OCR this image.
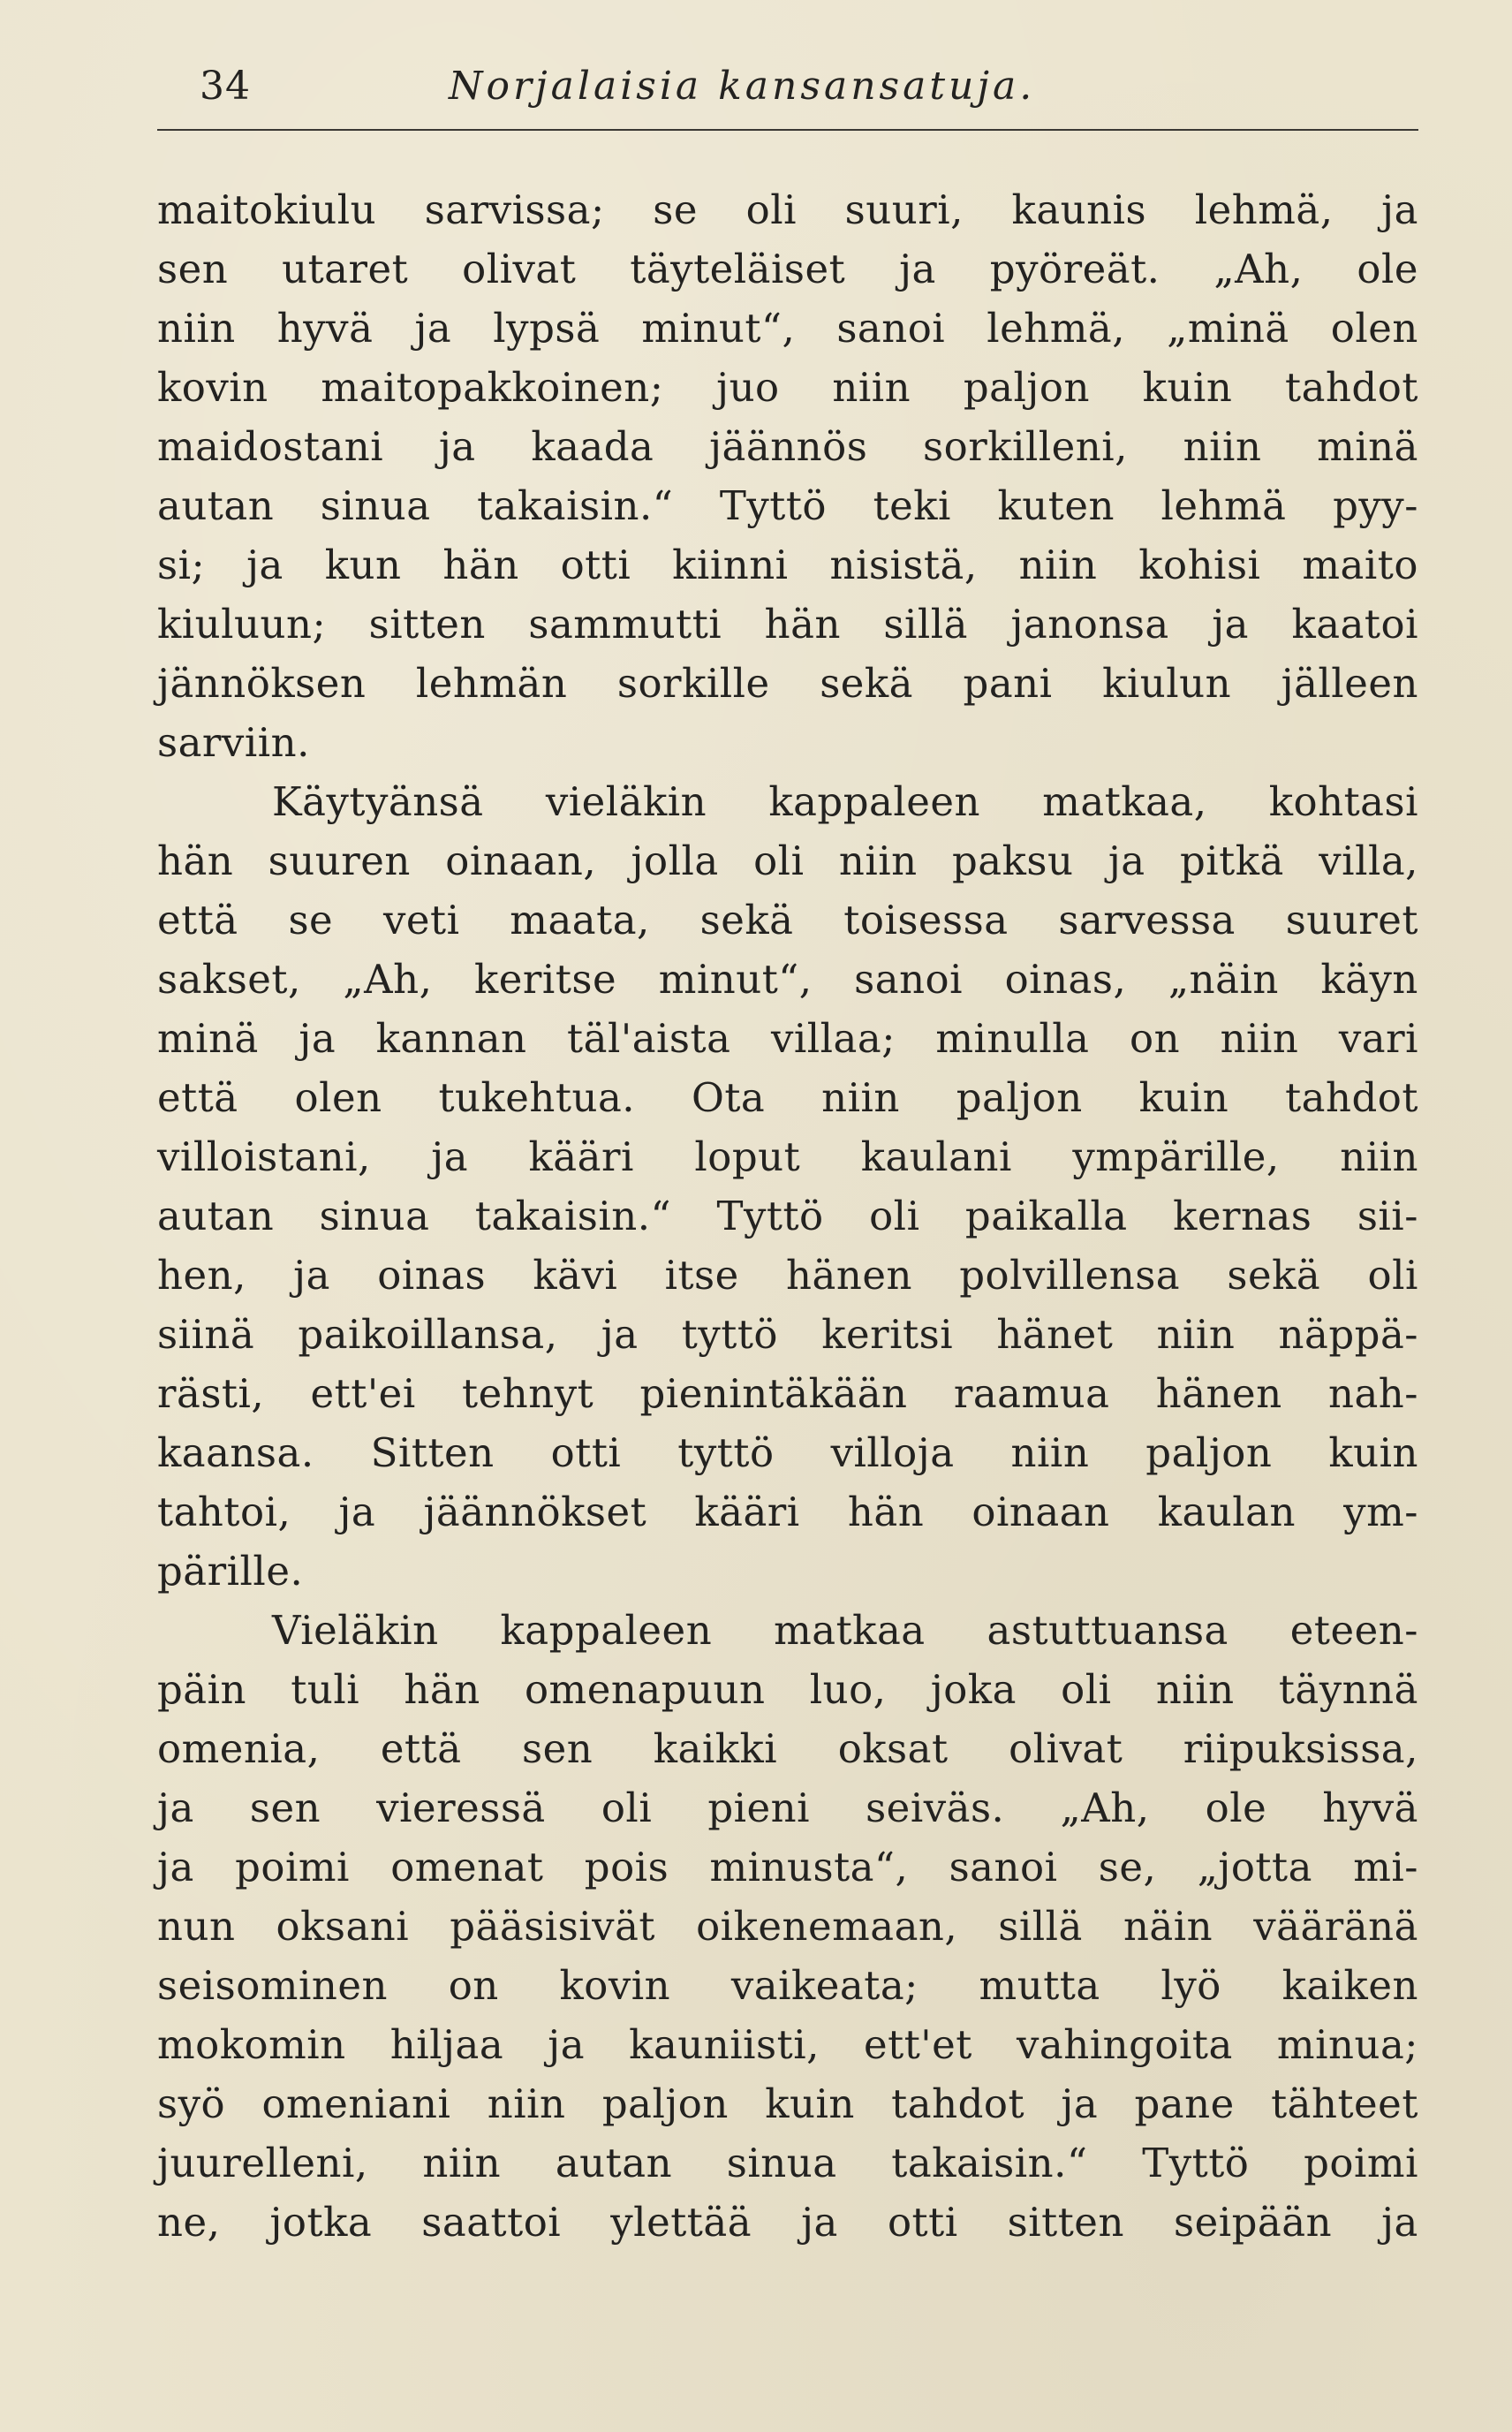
34	Norjalaisia kansansatuja.
maitokiulu sarvissa; se oli suuri, kaunis lehmä, ja
sen utaret olivat täyteläiset ja pyöreät. „Ah, ole
niin hyvä ja lypsä minut“, sanoi lehmä, „minä olen
kovin maitopakkoinen; juo niin paljon kuin tahdot
maidostani ja kaada jäännös sorkilleni, niin minä
autan sinua takaisin.“ Tyttö teki kuten lehmä pyy-
si; ja kun hän otti kiinni nisistä, niin kohisi maito
kiuluun; sitten sammutti hän sillä janonsa ja kaatoi
jännöksen lehmän sorkille sekä pani kiulun jälleen
sarviin.
Käytyänsä vieläkin kappaleen matkaa, kohtasi
hän suuren oinaan, jolla oli niin paksu ja pitkä villa,
että se veti maata, sekä toisessa sarvessa suuret
sakset, „Ah, keritse minut“, sanoi oinas, „näin käyn
minä ja kannan täl'aista villaa; minulla on niin vari
että olen tukehtua. Ota niin paljon kuin tahdot
villoistani, ja kääri loput kaulani ympärille, niin
autan sinua takaisin.“ Tyttö oli paikalla kernas sii-
hen, ja oinas kävi itse hänen polvillensa sekä oli
siinä paikoillansa, ja tyttö keritsi hänet niin näppä-
rästi, ett'ei tehnyt pienintäkään raamua hänen nah-
kaansa. Sitten otti tyttö villoja niin paljon kuin
tahtoi, ja jäännökset kääri hän oinaan kaulan ym-
pärille.
Vieläkin kappaleen matkaa astuttuansa eteen-
päin tuli hän omenapuun luo, joka oli niin täynnä
omenia, että sen kaikki oksat olivat riipuksissa,
ja sen vieressä oli pieni seiväs. „Ah, ole hyvä
ja poimi omenat pois minusta“, sanoi se, „jotta mi-
nun oksani pääsisivät oikenemaan, sillä näin vääränä
seisominen on kovin vaikeata; mutta lyö kaiken
mokomin hiljaa ja kauniisti, ett'et vahingoita minua;
syö omeniani niin paljon kuin tahdot ja pane tähteet
juurelleni, niin autan sinua takaisin.“ Tyttö poimi
ne, jotka saattoi ylettää ja otti sitten seipään ja
